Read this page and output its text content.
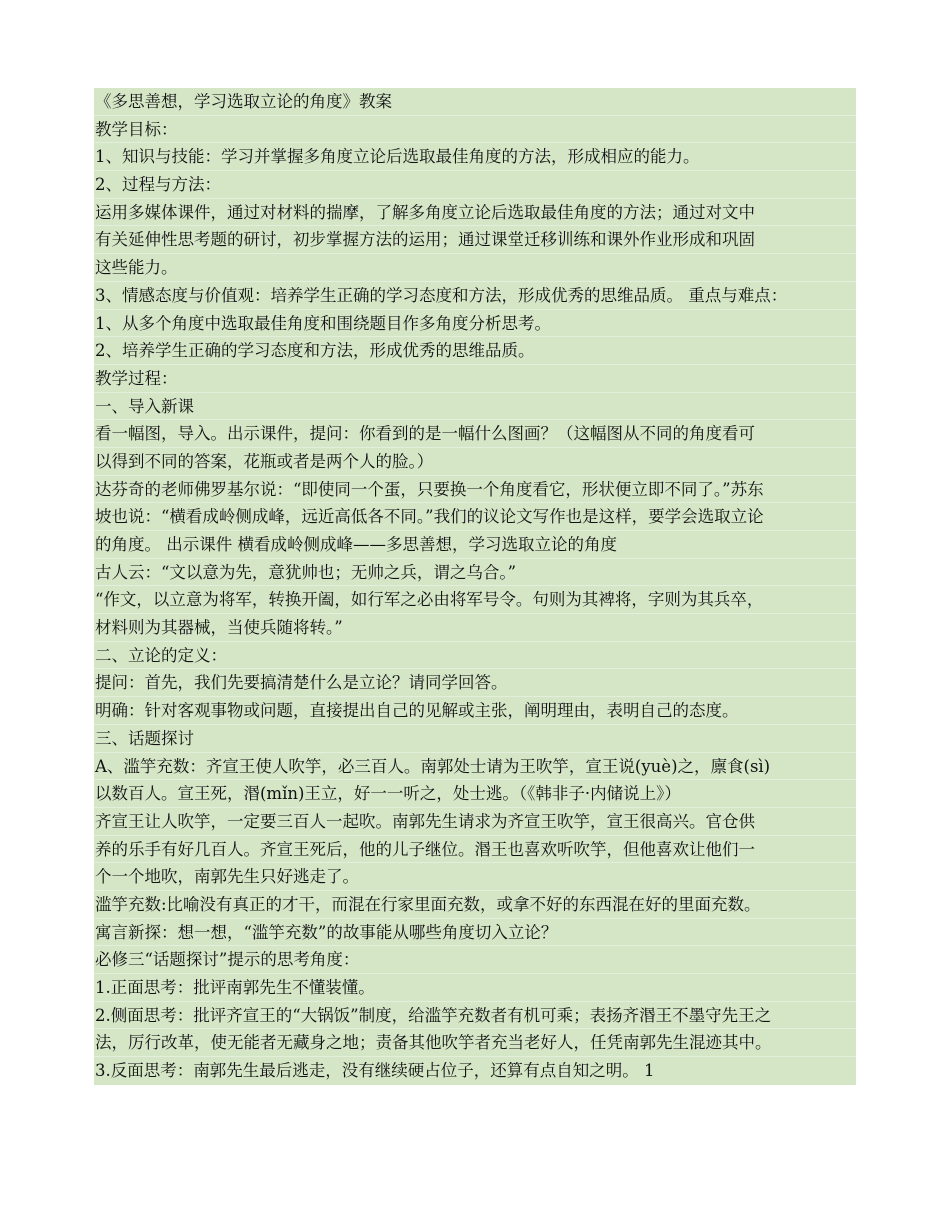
《多思善想，学习选取立论的角度》教案
教学目标：
1、知识与技能：学习并掌握多角度立论后选取最佳角度的方法，形成相应的能力。
2、过程与方法：
运用多媒体课件，通过对材料的揣摩，了解多角度立论后选取最佳角度的方法；通过对文中
有关延伸性思考题的研讨，初步掌握方法的运用；通过课堂迁移训练和课外作业形成和巩固
这些能力。
3、情感态度与价值观：培养学生正确的学习态度和方法，形成优秀的思维品质。 重点与难点：
1、从多个角度中选取最佳角度和围绕题目作多角度分析思考。
2、培养学生正确的学习态度和方法，形成优秀的思维品质。
教学过程：
一、导入新课
看一幅图，导入。出示课件，提问：你看到的是一幅什么图画？（这幅图从不同的角度看可
以得到不同的答案，花瓶或者是两个人的脸。）
达芬奇的老师佛罗基尔说：“即使同一个蛋，只要换一个角度看它，形状便立即不同了。”苏东
坡也说：“横看成岭侧成峰，远近高低各不同。”我们的议论文写作也是这样，要学会选取立论
的角度。 出示课件 横看成岭侧成峰——多思善想，学习选取立论的角度
古人云：“文以意为先，意犹帅也；无帅之兵，谓之乌合。”
“作文，以立意为将军，转换开阖，如行军之必由将军号令。句则为其裨将，字则为其兵卒，
材料则为其器械，当使兵随将转。”
二、立论的定义：
提问：首先，我们先要搞清楚什么是立论？请同学回答。
明确：针对客观事物或问题，直接提出自己的见解或主张，阐明理由，表明自己的态度。
三、话题探讨
A、滥竽充数：齐宣王使人吹竽，必三百人。南郭处士请为王吹竽，宣王说(yuè)之，廪食(sì)
以数百人。宣王死，湣(mǐn)王立，好一一听之，处士逃。（《韩非子·内储说上》）
齐宣王让人吹竽，一定要三百人一起吹。南郭先生请求为齐宣王吹竽，宣王很高兴。官仓供
养的乐手有好几百人。齐宣王死后，他的儿子继位。湣王也喜欢听吹竽，但他喜欢让他们一
个一个地吹，南郭先生只好逃走了。
滥竽充数:比喻没有真正的才干，而混在行家里面充数，或拿不好的东西混在好的里面充数。
寓言新探：想一想，“滥竽充数”的故事能从哪些角度切入立论？
必修三“话题探讨”提示的思考角度：
1.正面思考：批评南郭先生不懂装懂。
2.侧面思考：批评齐宣王的“大锅饭”制度，给滥竽充数者有机可乘；表扬齐湣王不墨守先王之
法，厉行改革，使无能者无藏身之地；责备其他吹竽者充当老好人，任凭南郭先生混迹其中。
3.反面思考：南郭先生最后逃走，没有继续硬占位子，还算有点自知之明。 1
